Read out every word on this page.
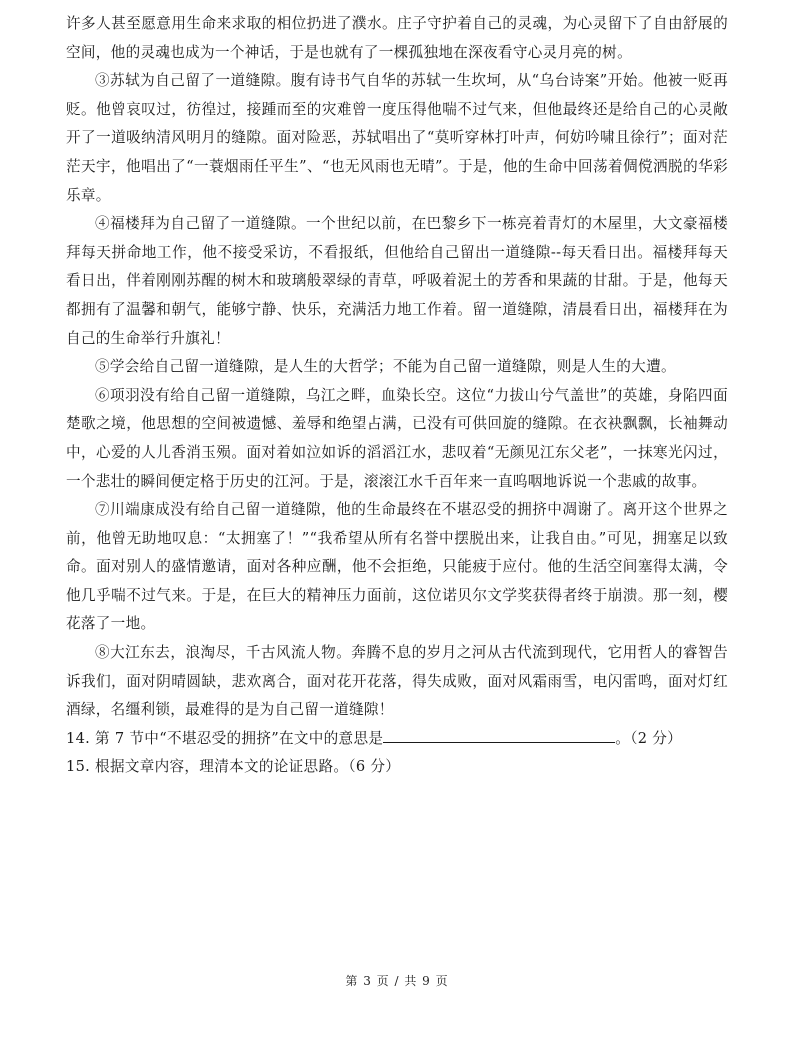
许多人甚至愿意用生命来求取的相位扔进了濮水。庄子守护着自己的灵魂，为心灵留下了自由舒展的空间，他的灵魂也成为一个神话，于是也就有了一棵孤独地在深夜看守心灵月亮的树。

③苏轼为自己留了一道缝隙。腹有诗书气自华的苏轼一生坎坷，从“乌台诗案”开始。他被一贬再贬。他曾哀叹过，彷徨过，接踵而至的灾难曾一度压得他喘不过气来，但他最终还是给自己的心灵敞开了一道吸纳清风明月的缝隙。面对险恶，苏轼唱出了“莫听穿林打叶声，何妨吟啸且徐行”；面对茫茫天宇，他唱出了“一蓑烟雨任平生”、“也无风雨也无晴”。于是，他的生命中回荡着倜傥洒脱的华彩乐章。

④福楼拜为自己留了一道缝隙。一个世纪以前，在巴黎乡下一栋亮着青灯的木屋里，大文豪福楼拜每天拼命地工作，他不接受采访，不看报纸，但他给自己留出一道缝隙--每天看日出。福楼拜每天看日出，伴着刚刚苏醒的树木和玻璃般翠绿的青草，呼吸着泥土的芳香和果蔬的甘甜。于是，他每天都拥有了温馨和朝气，能够宁静、快乐，充满活力地工作着。留一道缝隙，清晨看日出，福楼拜在为自己的生命举行升旗礼！

⑤学会给自己留一道缝隙，是人生的大哲学；不能为自己留一道缝隙，则是人生的大遭。

⑥项羽没有给自己留一道缝隙，乌江之畔，血染长空。这位“力拔山兮气盖世”的英雄，身陷四面楚歌之境，他思想的空间被遗憾、羞辱和绝望占满，已没有可供回旋的缝隙。在衣袂飘飘，长袖舞动中，心爱的人儿香消玉殒。面对着如泣如诉的滔滔江水，悲叹着“无颜见江东父老”，一抹寒光闪过，一个悲壮的瞬间便定格于历史的江河。于是，滚滚江水千百年来一直呜咽地诉说一个悲戚的故事。

⑦川端康成没有给自己留一道缝隙，他的生命最终在不堪忍受的拥挤中凋谢了。离开这个世界之前，他曾无助地叹息：“太拥塞了！”“我希望从所有名誉中摆脱出来，让我自由。”可见，拥塞足以致命。面对别人的盛情邀请，面对各种应酬，他不会拒绝，只能疲于应付。他的生活空间塞得太满，令他几乎喘不过气来。于是，在巨大的精神压力面前，这位诺贝尔文学奖获得者终于崩溃。那一刻，樱花落了一地。

⑧大江东去，浪淘尽，千古风流人物。奔腾不息的岁月之河从古代流到现代，它用哲人的睿智告诉我们，面对阴晴圆缺，悲欢离合，面对花开花落，得失成败，面对风霜雨雪，电闪雷鸣，面对灯红酒绿，名缰利锁，最难得的是为自己留一道缝隙！

14. 第 7 节中“不堪忍受的拥挤”在文中的意思是	。（2 分）

15. 根据文章内容，理清本文的论证思路。（6 分）

第 3 页 / 共 9 页
